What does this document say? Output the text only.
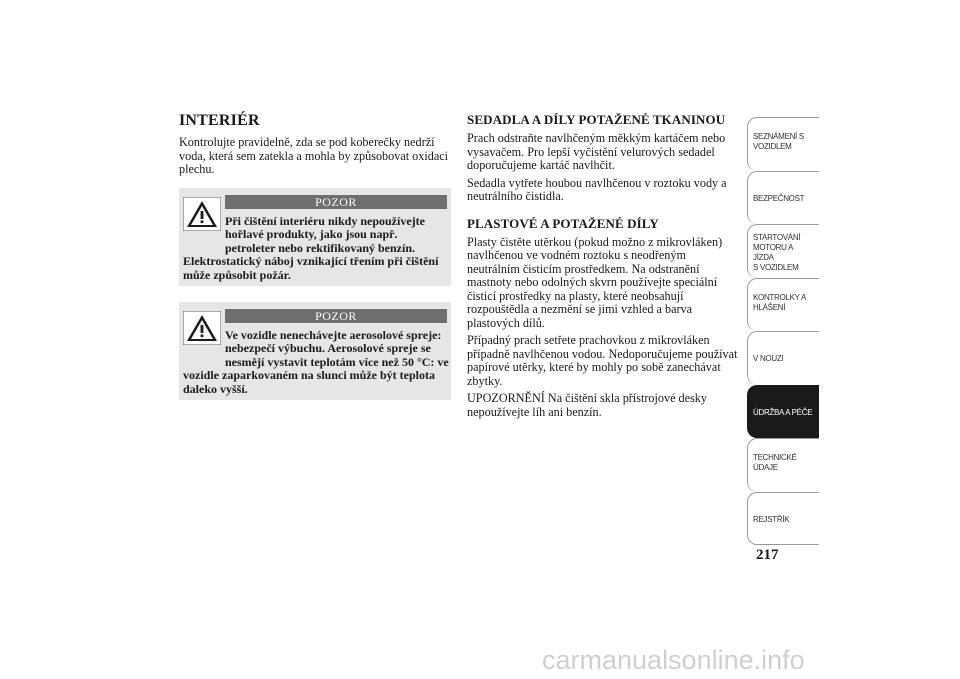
INTERIÉR
Kontrolujte pravidelně, zda se pod koberečky nedrží voda, která sem zatekla a mohla by způsobovat oxidaci plechu.
POZOR
Při čištění interiéru nikdy nepoužívejte hořlavé produkty, jako jsou např. petroleter nebo rektifikovaný benzín. Elektrostatický náboj vznikající třením při čištění může způsobit požár.
POZOR
Ve vozidle nenechávejte aerosolové spreje: nebezpečí výbuchu. Aerosolové spreje se nesmějí vystavit teplotám více než 50 °C: ve vozidle zaparkovaném na slunci může být teplota daleko vyšší.
SEDADLA A DÍLY POTAŽENÉ TKANINOU

Prach odstraňte navlhčeným měkkým kartáčem nebo vysavačem. Pro lepší vyčistění velurových sedadel doporučujeme kartáč navlhčit.

Sedadla vytřete houbou navlhčenou v roztoku vody a neutrálního čistidla.

PLASTOVÉ A POTAŽENÉ DÍLY

Plasty čistěte utěrkou (pokud možno z mikrovláken) navlhčenou ve vodném roztoku s neodřeným neutrálním čisticím prostředkem. Na odstranění mastnoty nebo odolných skvrn používejte speciální čisticí prostředky na plasty, které neobsahují rozpouštědla a nezmění se jimi vzhled a barva plastových dílů.

Případný prach setřete prachovkou z mikrovláken případně navlhčenou vodou. Nedoporučujeme používat papírové utěrky, které by mohly po sobě zanechávat zbytky.

UPOZORNĚNÍ Na čištění skla přístrojové desky nepoužívejte líh ani benzín.

SEZNÁMENÍ S
VOZIDLEM
BEZPEČNOST
STARTOVÁNÍ
MOTORU A JÍZDA
S VOZIDLEM
KONTROLKY A
HLÁŠENÍ
V NOUZI
ÚDRŽBA A PÉČE
TECHNICKÉ
ÚDAJE
REJSTŘÍK
217
carmanualsonline.info
